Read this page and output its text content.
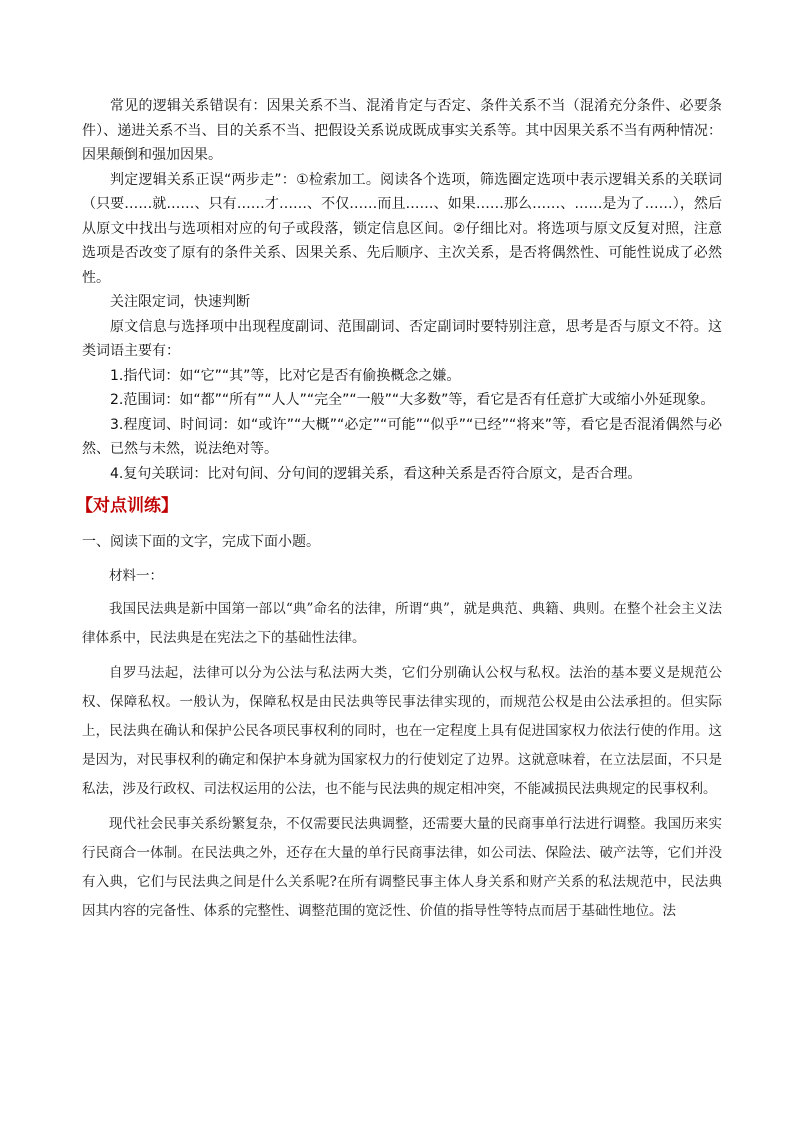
常见的逻辑关系错误有：因果关系不当、混淆肯定与否定、条件关系不当（混淆充分条件、必要条件）、递进关系不当、目的关系不当、把假设关系说成既成事实关系等。其中因果关系不当有两种情况：因果颠倒和强加因果。

判定逻辑关系正误“两步走”：①检索加工。阅读各个选项，筛选圈定选项中表示逻辑关系的关联词（只要……就……、只有……才……、不仅……而且……、如果……那么……、……是为了……），然后从原文中找出与选项相对应的句子或段落，锁定信息区间。②仔细比对。将选项与原文反复对照，注意选项是否改变了原有的条件关系、因果关系、先后顺序、主次关系，是否将偶然性、可能性说成了必然性。

关注限定词，快速判断

原文信息与选择项中出现程度副词、范围副词、否定副词时要特别注意，思考是否与原文不符。这类词语主要有：

1.指代词：如“它”“其”等，比对它是否有偷换概念之嫌。

2.范围词：如“都”“所有”“人人”“完全”“一般”“大多数”等，看它是否有任意扩大或缩小外延现象。

3.程度词、时间词：如“或许”“大概”“必定”“可能”“似乎”“已经”“将来”等，看它是否混淆偶然与必然、已然与未然，说法绝对等。

4.复句关联词：比对句间、分句间的逻辑关系，看这种关系是否符合原文，是否合理。

【对点训练】

一、阅读下面的文字，完成下面小题。

材料一：

我国民法典是新中国第一部以“典”命名的法律，所谓“典”，就是典范、典籍、典则。在整个社会主义法律体系中，民法典是在宪法之下的基础性法律。

自罗马法起，法律可以分为公法与私法两大类，它们分别确认公权与私权。法治的基本要义是规范公权、保障私权。一般认为，保障私权是由民法典等民事法律实现的，而规范公权是由公法承担的。但实际上，民法典在确认和保护公民各项民事权利的同时，也在一定程度上具有促进国家权力依法行使的作用。这是因为，对民事权利的确定和保护本身就为国家权力的行使划定了边界。这就意味着，在立法层面，不只是私法，涉及行政权、司法权运用的公法，也不能与民法典的规定相冲突，不能减损民法典规定的民事权利。

现代社会民事关系纷繁复杂，不仅需要民法典调整，还需要大量的民商事单行法进行调整。我国历来实行民商合一体制。在民法典之外，还存在大量的单行民商事法律，如公司法、保险法、破产法等，它们并没有入典，它们与民法典之间是什么关系呢?在所有调整民事主体人身关系和财产关系的私法规范中，民法典因其内容的完备性、体系的完整性、调整范围的宽泛性、价值的指导性等特点而居于基础性地位。法
